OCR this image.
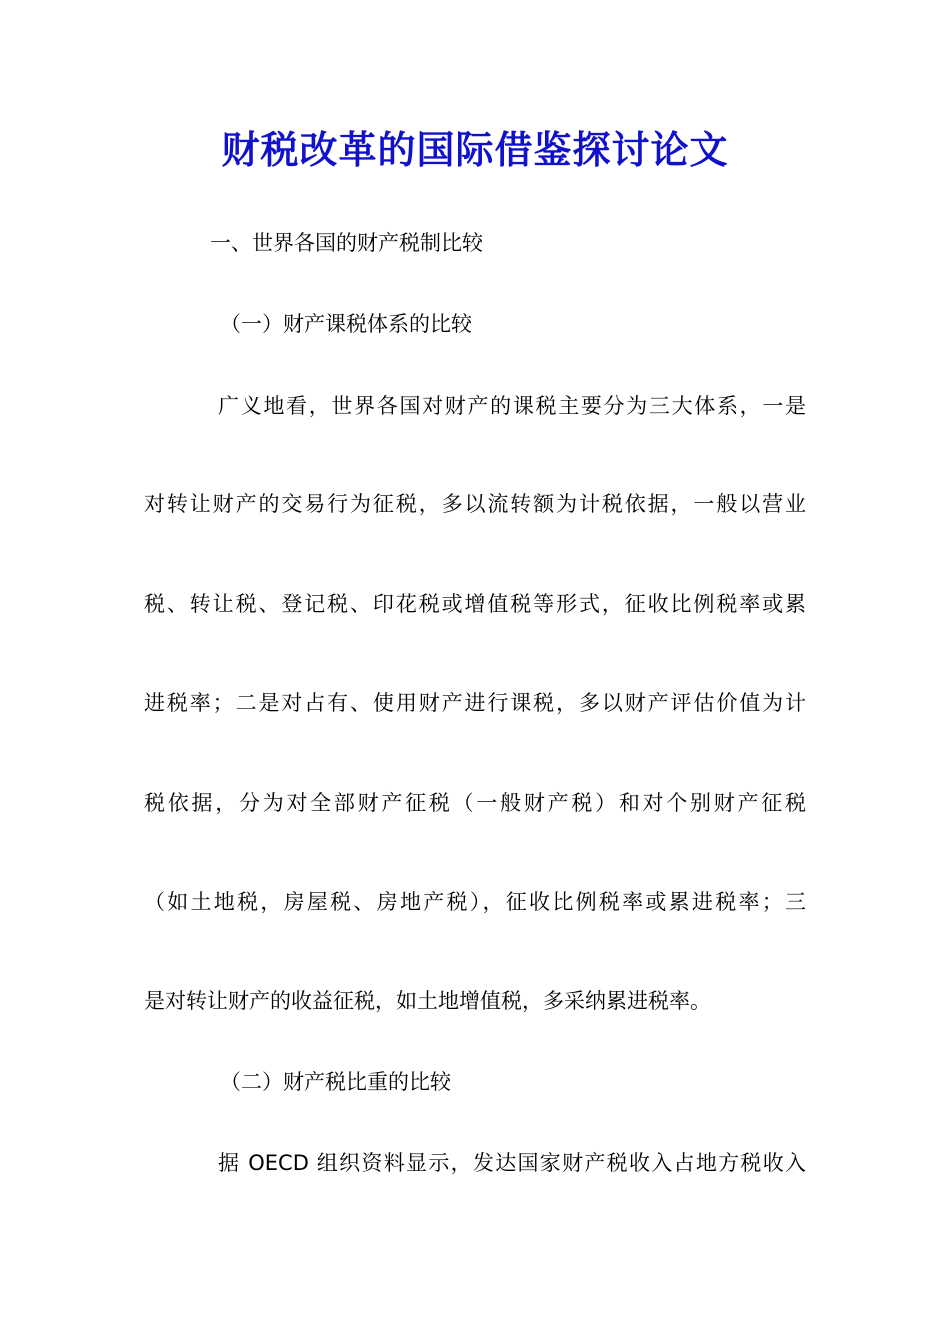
财税改革的国际借鉴探讨论文
一、世界各国的财产税制比较
（一）财产课税体系的比较
广义地看，世界各国对财产的课税主要分为三大体系，一是
对转让财产的交易行为征税，多以流转额为计税依据，一般以营业
税、转让税、登记税、印花税或增值税等形式，征收比例税率或累
进税率；二是对占有、使用财产进行课税，多以财产评估价值为计
税依据，分为对全部财产征税（一般财产税）和对个别财产征税
（如土地税，房屋税、房地产税），征收比例税率或累进税率；三
是对转让财产的收益征税，如土地增值税，多采纳累进税率。
（二）财产税比重的比较
据 OECD 组织资料显示，发达国家财产税收入占地方税收入
